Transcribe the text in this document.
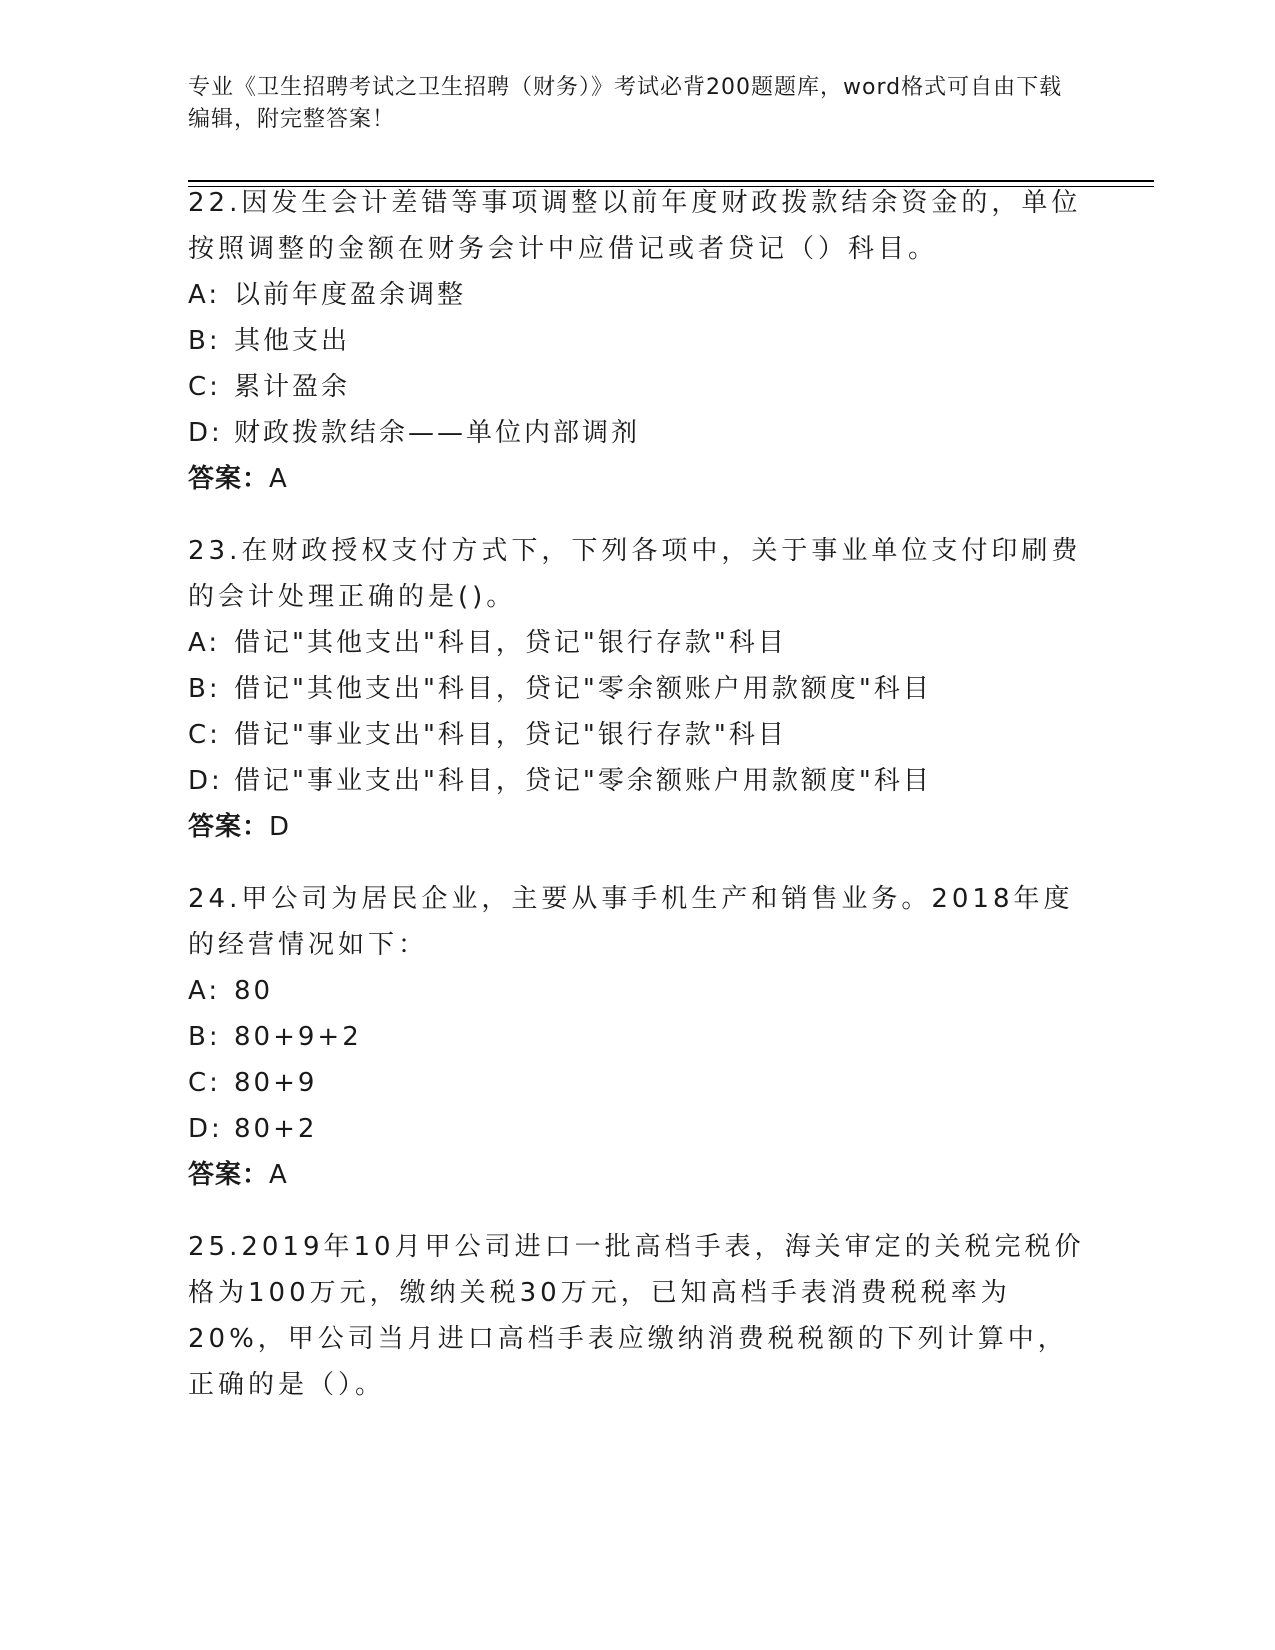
专业《卫生招聘考试之卫生招聘（财务）》考试必背200题题库，word格式可自由下载编辑，附完整答案！

22.因发生会计差错等事项调整以前年度财政拨款结余资金的，单位按照调整的金额在财务会计中应借记或者贷记（）科目。

A: 以前年度盈余调整

B: 其他支出

C: 累计盈余

D: 财政拨款结余——单位内部调剂

答案：A

23.在财政授权支付方式下，下列各项中，关于事业单位支付印刷费的会计处理正确的是()。

A: 借记"其他支出"科目，贷记"银行存款"科目

B: 借记"其他支出"科目，贷记"零余额账户用款额度"科目

C: 借记"事业支出"科目，贷记"银行存款"科目

D: 借记"事业支出"科目，贷记"零余额账户用款额度"科目

答案：D

24.甲公司为居民企业，主要从事手机生产和销售业务。2018年度的经营情况如下：

A: 80

B: 80+9+2

C: 80+9

D: 80+2

答案：A

25.2019年10月甲公司进口一批高档手表，海关审定的关税完税价格为100万元，缴纳关税30万元，已知高档手表消费税税率为20%，甲公司当月进口高档手表应缴纳消费税税额的下列计算中，正确的是（）。
